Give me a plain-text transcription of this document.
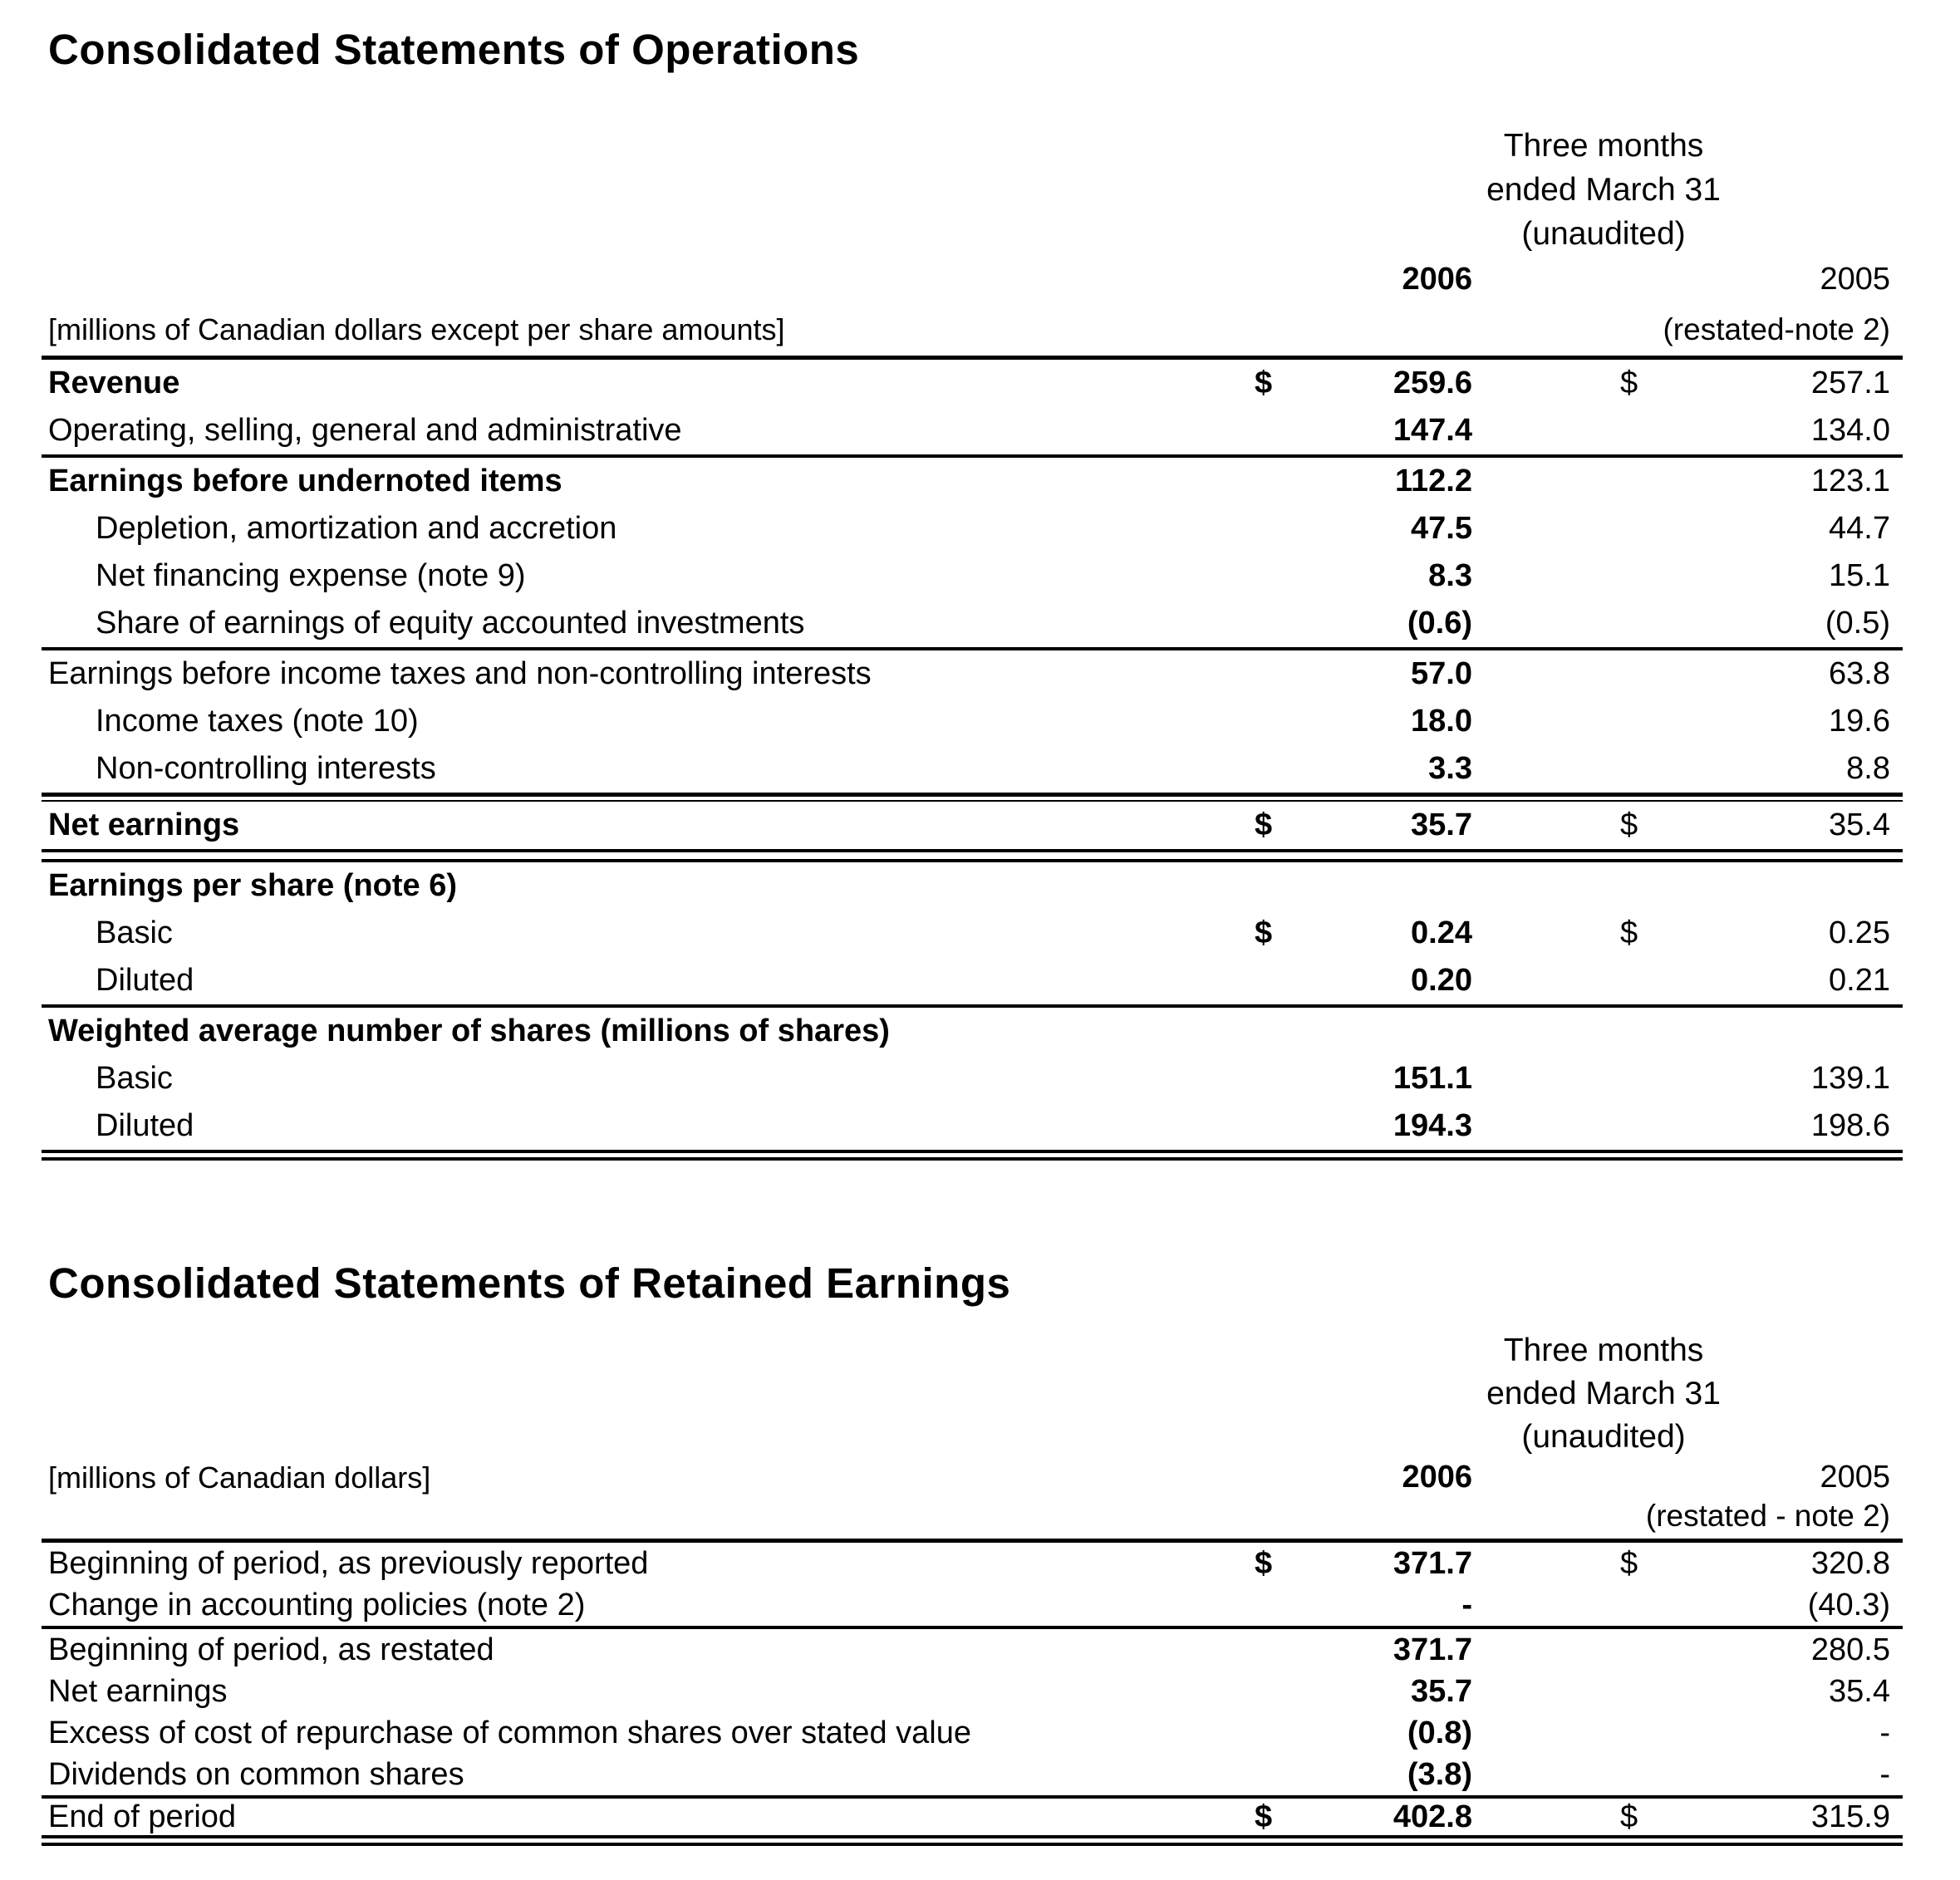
Consolidated Statements of Operations
Three months
ended March 31
(unaudited)
2006	2005
[millions of Canadian dollars except per share amounts]	(restated-note 2)
Revenue	$	259.6	$	257.1
Operating, selling, general and administrative	147.4	134.0
Earnings before undernoted items	112.2	123.1
Depletion, amortization and accretion	47.5	44.7
Net financing expense (note 9)	8.3	15.1
Share of earnings of equity accounted investments	(0.6)	(0.5)
Earnings before income taxes and non-controlling interests	57.0	63.8
Income taxes (note 10)	18.0	19.6
Non-controlling interests	3.3	8.8
Net earnings	$	35.7	$	35.4
Earnings per share (note 6)
Basic	$	0.24	$	0.25
Diluted	0.20	0.21
Weighted average number of shares (millions of shares)
Basic	151.1	139.1
Diluted	194.3	198.6
Consolidated Statements of Retained Earnings
Three months
ended March 31
(unaudited)
[millions of Canadian dollars]	2006	2005
(restated - note 2)
Beginning of period, as previously reported	$	371.7	$	320.8
Change in accounting policies (note 2)	-	(40.3)
Beginning of period, as restated	371.7	280.5
Net earnings	35.7	35.4
Excess of cost of repurchase of common shares over stated value	(0.8)	-
Dividends on common shares	(3.8)	-
End of period	$	402.8	$	315.9
